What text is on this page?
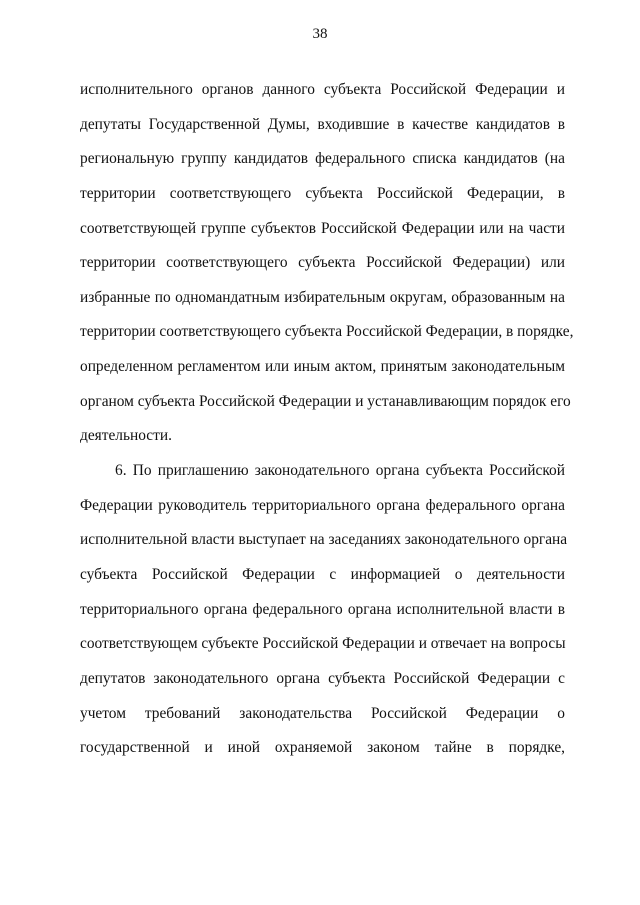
38
исполнительного органов данного субъекта Российской Федерации и
депутаты Государственной Думы, входившие в качестве кандидатов в
региональную группу кандидатов федерального списка кандидатов (на
территории соответствующего субъекта Российской Федерации, в
соответствующей группе субъектов Российской Федерации или на части
территории соответствующего субъекта Российской Федерации) или
избранные по одномандатным избирательным округам, образованным на
территории соответствующего субъекта Российской Федерации, в порядке,
определенном регламентом или иным актом, принятым законодательным
органом субъекта Российской Федерации и устанавливающим порядок его
деятельности.
6. По приглашению законодательного органа субъекта Российской
Федерации руководитель территориального органа федерального органа
исполнительной власти выступает на заседаниях законодательного органа
субъекта Российской Федерации с информацией о деятельности
территориального органа федерального органа исполнительной власти в
соответствующем субъекте Российской Федерации и отвечает на вопросы
депутатов законодательного органа субъекта Российской Федерации с
учетом требований законодательства Российской Федерации о
государственной и иной охраняемой законом тайне в порядке,
